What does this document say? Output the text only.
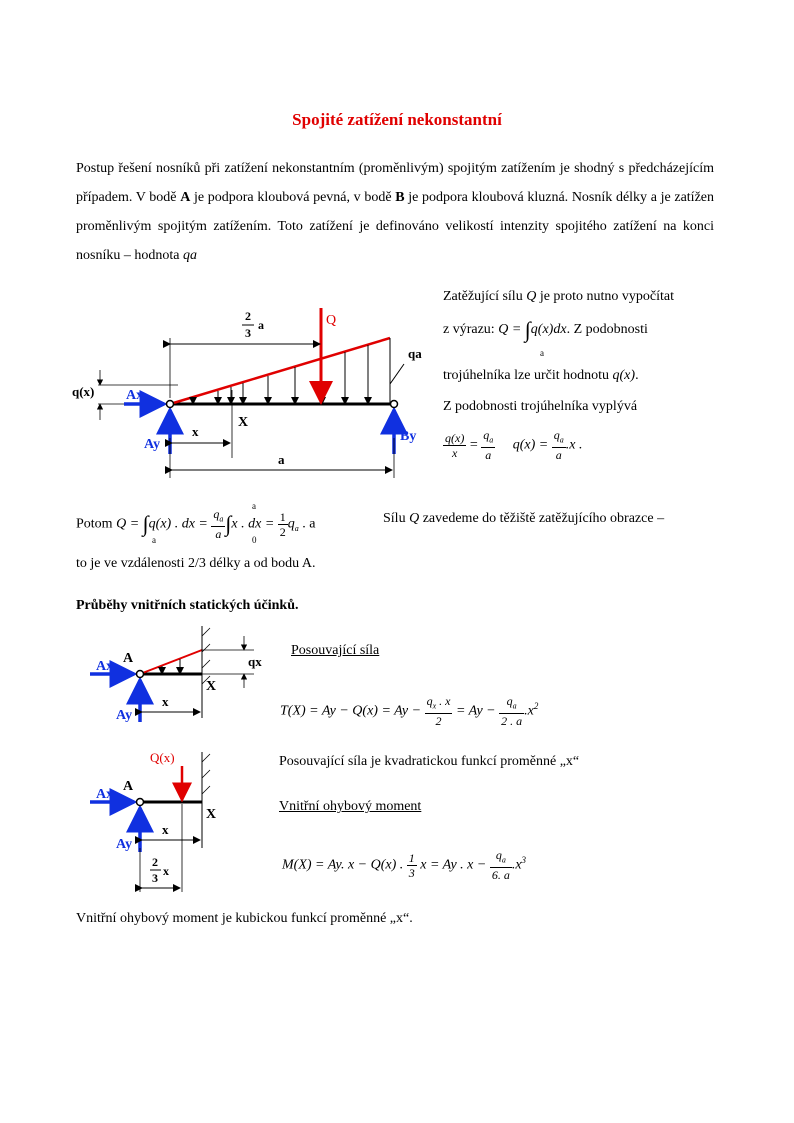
Spojité zatížení nekonstantní
Postup řešení nosníků při zatížení nekonstantním (proměnlivým) spojitým zatížením je shodný s předcházejícím případem. V bodě A je podpora kloubová pevná, v bodě B je podpora kloubová kluzná. Nosník délky a je zatížen proměnlivým spojitým zatížením. Toto zatížení je definováno velikostí intenzity spojitého zatížení na konci nosníku – hodnota qa
Q
2
3
a
qa
q(x) Ax
Ay
By
X
x
a
Zatěžující sílu Q je proto nutno vypočítat
z výrazu: Q = ∫q(x)dx. Z podobnosti
a
trojúhelníka lze určit hodnotu q(x).
Z podobnosti trojúhelníka vyplývá
$\frac{q(x)}{x} = \frac{q_a}{a} q(x) = \frac{q_a}{a} .x$ .
Potom Q = ∫q(x) . dx = $\frac{q_a}{a} \int x$ . dx = $\frac{1}{2} q_a$ . a
a
a
0
Sílu Q zavedeme do těžiště zatěžujícího obrazce –
to je ve vzdálenosti 2/3 délky a od bodu A.
Průběhy vnitřních statických účinků.
qx
Ax
A
Ay
X
x
Posouvající síla
$T(X) = Ay - Q(x) = Ay - \frac{q_x . x}{2} = Ay - \frac{q_a}{2 . a} .x^2$
Posouvající síla je kvadratickou funkcí proměnné „x“
Q(x)
Ax
A
Ay
X
x
2
3 x
Vnitřní ohybový moment
M(X) = Ay. x − Q(x) . $\frac{1}{3}$ x = Ay . $x - \frac{q_a}{6. a} .x^3$
Vnitřní ohybový moment je kubickou funkcí proměnné „x“.
